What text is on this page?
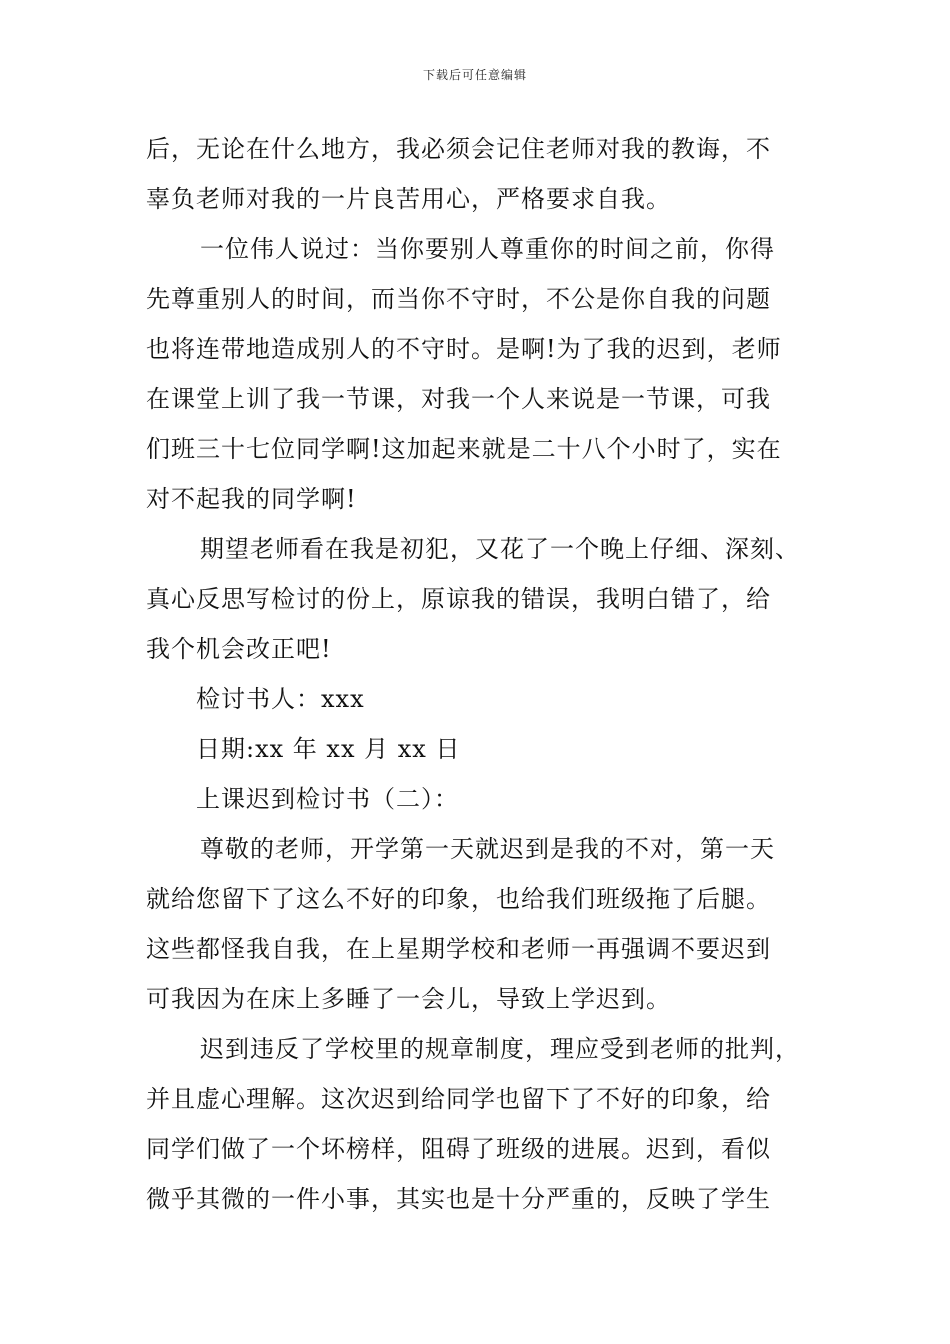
下载后可任意编辑
后，无论在什么地方，我必须会记住老师对我的教诲，不
辜负老师对我的一片良苦用心，严格要求自我。
一位伟人说过：当你要别人尊重你的时间之前，你得
先尊重别人的时间，而当你不守时，不公是你自我的问题
也将连带地造成别人的不守时。是啊!为了我的迟到，老师
在课堂上训了我一节课，对我一个人来说是一节课，可我
们班三十七位同学啊!这加起来就是二十八个小时了，实在
对不起我的同学啊!
期望老师看在我是初犯，又花了一个晚上仔细、深刻、
真心反思写检讨的份上，原谅我的错误，我明白错了，给
我个机会改正吧!
检讨书人：xxx
日期:xx 年 xx 月 xx 日
上课迟到检讨书（二）：
尊敬的老师，开学第一天就迟到是我的不对，第一天
就给您留下了这么不好的印象，也给我们班级拖了后腿。
这些都怪我自我，在上星期学校和老师一再强调不要迟到
可我因为在床上多睡了一会儿，导致上学迟到。
迟到违反了学校里的规章制度，理应受到老师的批判，
并且虚心理解。这次迟到给同学也留下了不好的印象，给
同学们做了一个坏榜样，阻碍了班级的进展。迟到，看似
微乎其微的一件小事，其实也是十分严重的，反映了学生
